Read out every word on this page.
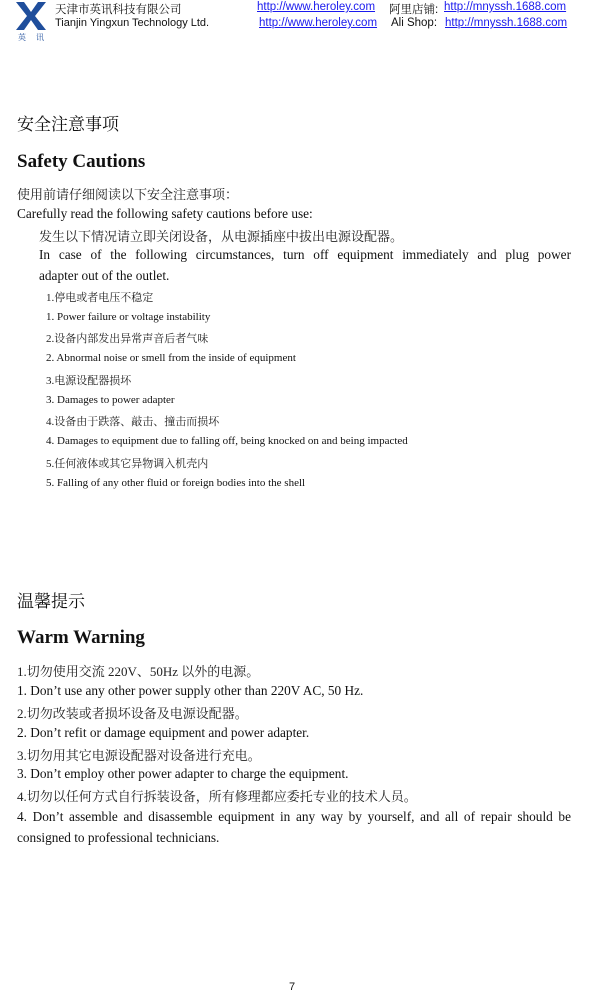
英 讯
天津市英讯科技有限公司
Tianjin Yingxun Technology Ltd.
http://www.heroley.com
http://www.heroley.com
阿里店铺: http://mnyssh.1688.com
Ali Shop: http://mnyssh.1688.com
安全注意事项
Safety Cautions
使用前请仔细阅读以下安全注意事项：
Carefully read the following safety cautions before use:
发生以下情况请立即关闭设备，从电源插座中拔出电源设配器。
In case of the following circumstances, turn off equipment immediately and plug power
adapter out of the outlet.
1.停电或者电压不稳定
1. Power failure or voltage instability
2.设备内部发出异常声音后者气味
2. Abnormal noise or smell from the inside of equipment
3.电源设配器损坏
3. Damages to power adapter
4.设备由于跌落、敲击、撞击而损坏
4. Damages to equipment due to falling off, being knocked on and being impacted
5.任何液体或其它异物调入机壳内
5. Falling of any other fluid or foreign bodies into the shell
温馨提示
Warm Warning
1.切勿使用交流 220V、50Hz 以外的电源。
1. Don’t use any other power supply other than 220V AC, 50 Hz.
2.切勿改装或者损坏设备及电源设配器。
2. Don’t refit or damage equipment and power adapter.
3.切勿用其它电源设配器对设备进行充电。
3. Don’t employ other power adapter to charge the equipment.
4.切勿以任何方式自行拆装设备，所有修理都应委托专业的技术人员。
4. Don’t assemble and disassemble equipment in any way by yourself, and all of repair should be consigned to professional technicians.
7
